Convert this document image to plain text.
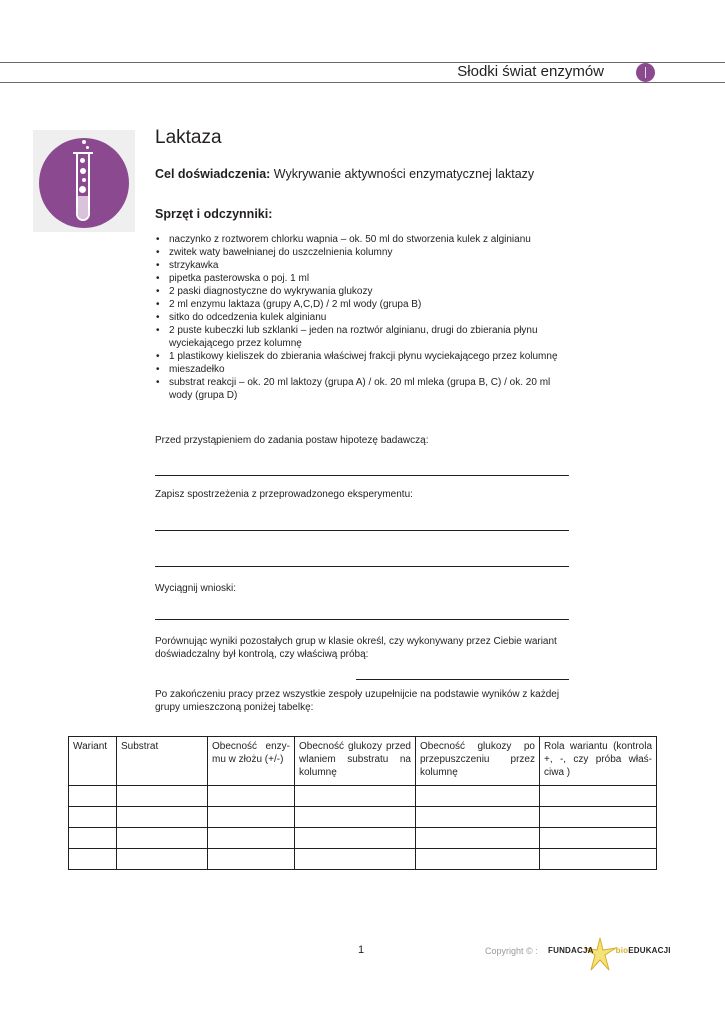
Słodki świat enzymów
Laktaza
Cel doświadczenia: Wykrywanie aktywności enzymatycznej laktazy
Sprzęt i odczynniki:
• naczynko z roztworem chlorku wapnia – ok. 50 ml do stworzenia kulek z alginianu
• zwitek waty bawełnianej do uszczelnienia kolumny
• strzykawka
• pipetka pasterowska o poj. 1 ml
• 2 paski diagnostyczne do wykrywania glukozy
• 2 ml enzymu laktaza (grupy A,C,D) / 2 ml wody (grupa B)
• sitko do odcedzenia kulek alginianu
• 2 puste kubeczki lub szklanki – jeden na roztwór alginianu, drugi do zbierania płynu wyciekającego przez kolumnę
• 1 plastikowy kieliszek do zbierania właściwej frakcji płynu wyciekającego przez kolumnę
• mieszadełko
• substrat reakcji – ok. 20 ml laktozy (grupa A) / ok. 20 ml mleka (grupa B, C) / ok. 20 ml wody (grupa D)

Przed przystąpieniem do zadania postaw hipotezę badawczą:

Zapisz spostrzeżenia z przeprowadzonego eksperymentu:

Wyciągnij wnioski:

Porównując wyniki pozostałych grup w klasie określ, czy wykonywany przez Ciebie wariant doświadczalny był kontrolą, czy właściwą próbą:

Po zakończeniu pracy przez wszystkie zespoły uzupełnijcie na podstawie wyników z każdej grupy umieszczoną poniżej tabelkę:

Wariant	Substrat	Obecność enzy-mu w złożu (+/-)	Obecność glukozy przed wlaniem substratu na kolumnę	Obecność glukozy po przepuszczeniu przez kolumnę	Rola wariantu (kontrola +, -, czy próba właś-ciwa )

1	Copyright © : FUNDACJA	bioEDUKACJI
